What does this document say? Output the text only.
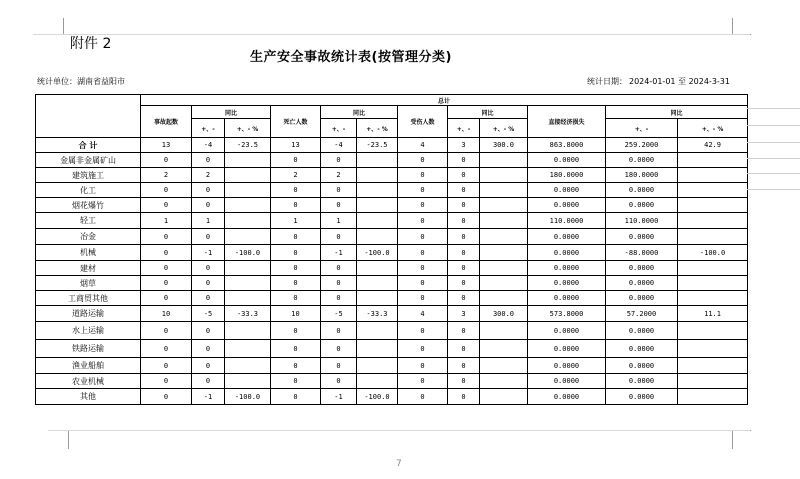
附件 2
生产安全事故统计表(按管理分类)
统计单位：湖南省益阳市	统计日期： 2024-01-01 至 2024-3-31
	总计											
	事故起数	同比		死亡人数	同比		受伤人数	同比		直接经济损失	同比	
		+、-	+、- %		+、-	+、- %		+、-	+、- %		+、-	+、- %
合 计	13	-4	-23.5	13	-4	-23.5	4	3	300.0	863.8000	259.2000	42.9
金属非金属矿山	0	0		0	0		0	0		0.0000	0.0000	
建筑施工	2	2		2	2		0	0		180.0000	180.0000	
化工	0	0		0	0		0	0		0.0000	0.0000	
烟花爆竹	0	0		0	0		0	0		0.0000	0.0000	
轻工	1	1		1	1		0	0		110.0000	110.0000	
冶金	0	0		0	0		0	0		0.0000	0.0000	
机械	0	-1	-100.0	0	-1	-100.0	0	0		0.0000	-88.0000	-100.0
建材	0	0		0	0		0	0		0.0000	0.0000	
烟草	0	0		0	0		0	0		0.0000	0.0000	
工商贸其他	0	0		0	0		0	0		0.0000	0.0000	
道路运输	10	-5	-33.3	10	-5	-33.3	4	3	300.0	573.8000	57.2000	11.1
水上运输	0	0		0	0		0	0		0.0000	0.0000	
铁路运输	0	0		0	0		0	0		0.0000	0.0000	
渔业船舶	0	0		0	0		0	0		0.0000	0.0000	
农业机械	0	0		0	0		0	0		0.0000	0.0000	
其他	0	-1	-100.0	0	-1	-100.0	0	0		0.0000	0.0000	
7
